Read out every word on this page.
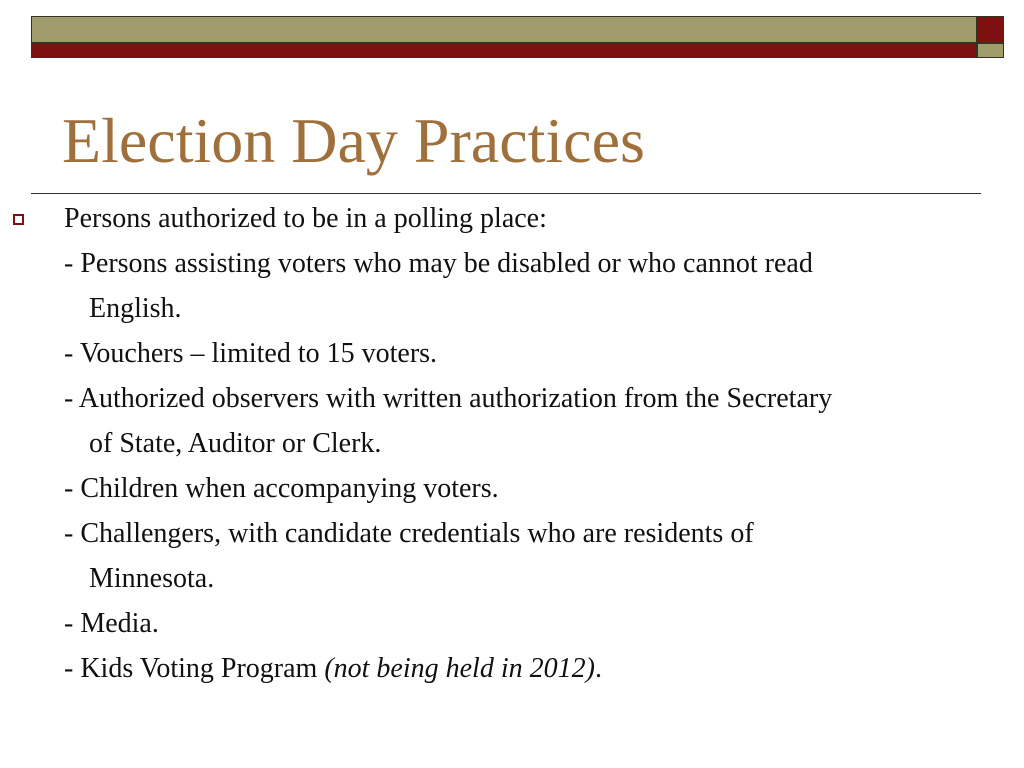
Election Day Practices
Persons authorized to be in a polling place:
- Persons assisting voters who may be disabled or who cannot read
English.
- Vouchers – limited to 15 voters.
- Authorized observers with written authorization from the Secretary
of State, Auditor or Clerk.
- Children when accompanying voters.
- Challengers, with candidate credentials who are residents of
Minnesota.
- Media.
- Kids Voting Program (not being held in 2012).
